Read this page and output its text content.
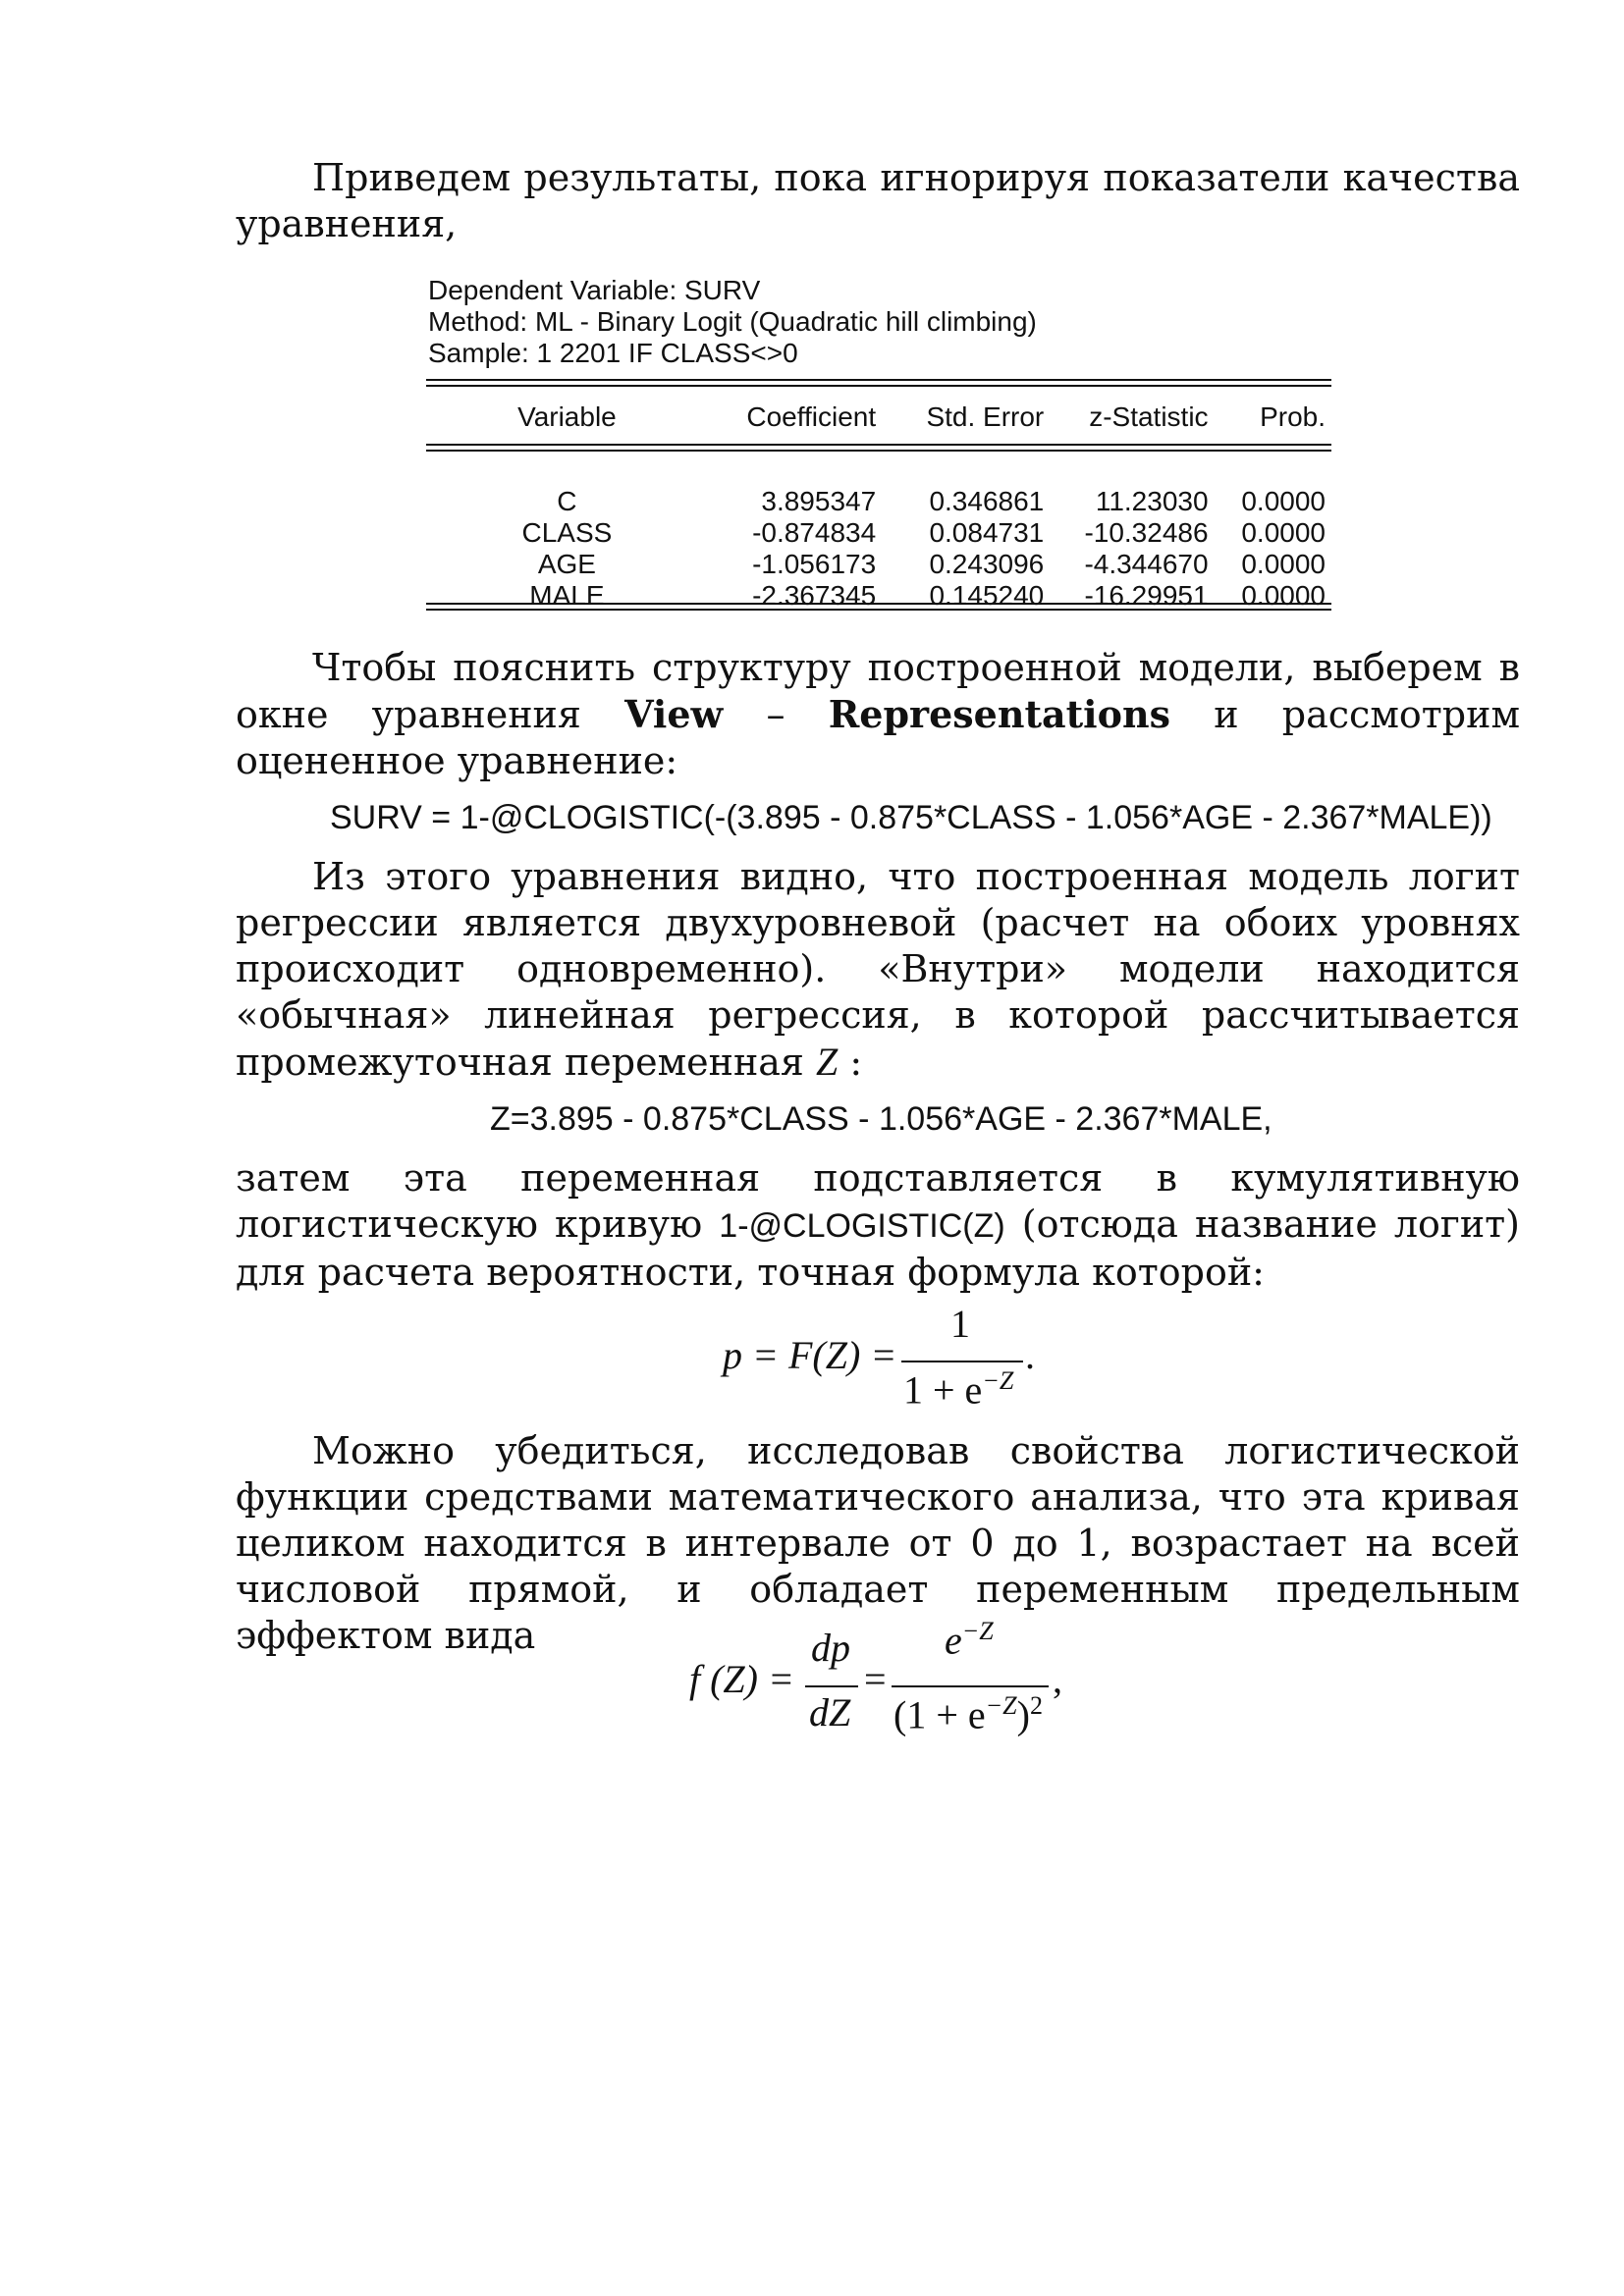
Приведем результаты, пока игнорируя показатели качества уравнения,
Dependent Variable: SURV
Method: ML - Binary Logit (Quadratic hill climbing)
Sample: 1 2201 IF CLASS<>0
Variable	Coefficient	Std. Error	z-Statistic	Prob.

C	3.895347	0.346861	11.23030	0.0000
CLASS	-0.874834	0.084731	-10.32486	0.0000
AGE	-1.056173	0.243096	-4.344670	0.0000
MALE	-2.367345	0.145240	-16.29951	0.0000
Чтобы пояснить структуру построенной модели, выберем в окне уравнения View – Representations и рассмотрим оцененное уравнение:
SURV = 1-@CLOGISTIC(-(3.895 - 0.875*CLASS - 1.056*AGE - 2.367*MALE))
Из этого уравнения видно, что построенная модель логит регрессии является двухуровневой (расчет на обоих уровнях происходит одновременно). «Внутри» модели находится «обычная» линейная регрессия, в которой рассчитывается промежуточная переменная Z :
Z=3.895 - 0.875*CLASS - 1.056*AGE - 2.367*MALE,
затем эта переменная подставляется в кумулятивную логистическую кривую 1-@CLOGISTIC(Z) (отсюда название логит) для расчета вероятности, точная формула которой:
p = F(Z) =
1
$1 + e^{-Z}$
.
Можно убедиться, исследовав свойства логистической функции средствами математического анализа, что эта кривая целиком находится в интервале от 0 до 1, возрастает на всей числовой прямой, и обладает переменным предельным эффектом вида
f (Z) =
dp
dZ
=
$e^{-Z}$
$(1 + e^{-Z})^2$
,
